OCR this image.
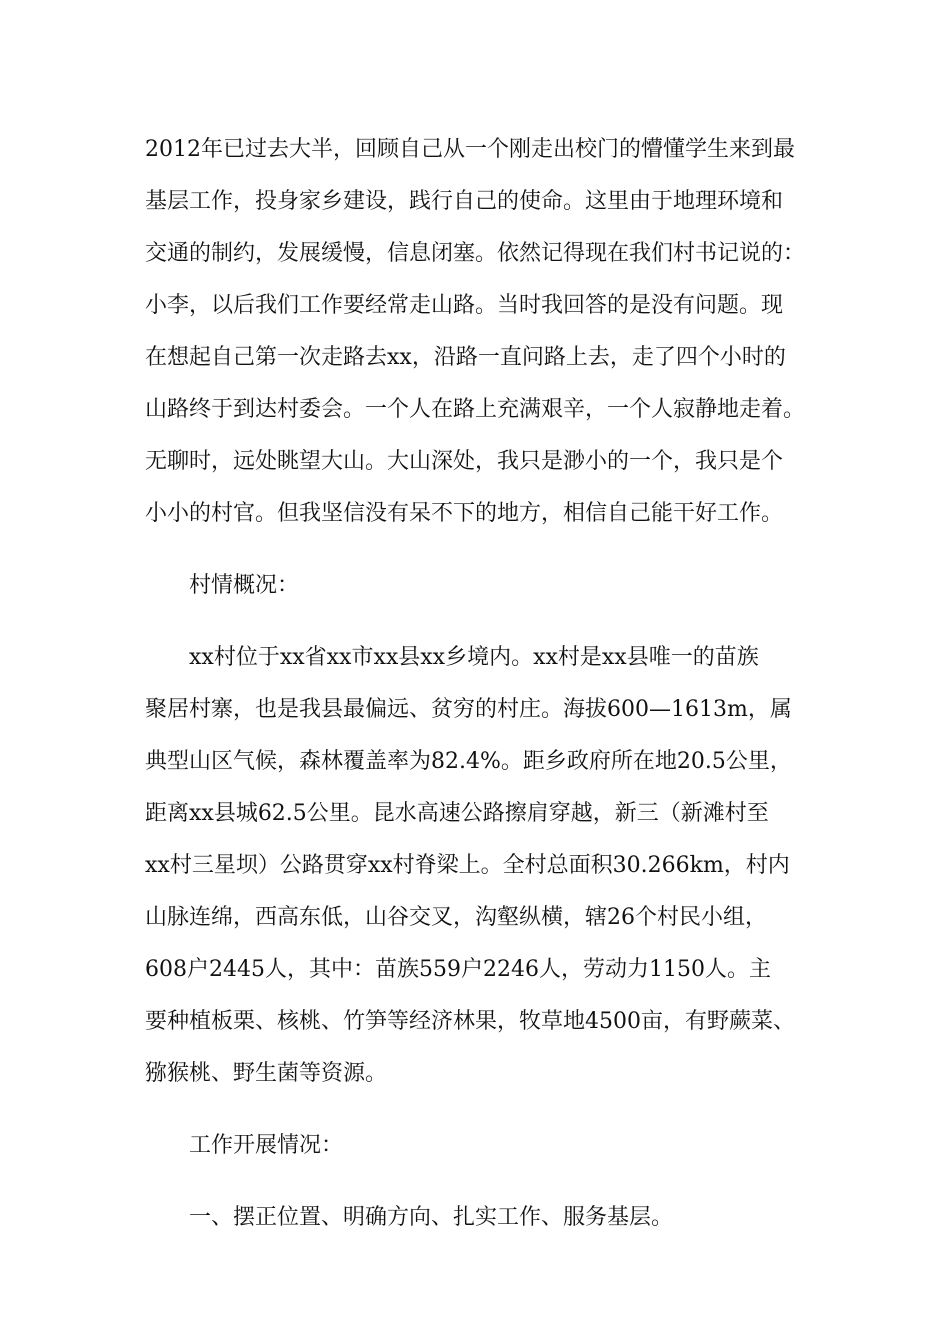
2012年已过去大半，回顾自己从一个刚走出校门的懵懂学生来到最
基层工作，投身家乡建设，践行自己的使命。这里由于地理环境和
交通的制约，发展缓慢，信息闭塞。依然记得现在我们村书记说的：
小李，以后我们工作要经常走山路。当时我回答的是没有问题。现
在想起自己第一次走路去xx，沿路一直问路上去，走了四个小时的
山路终于到达村委会。一个人在路上充满艰辛，一个人寂静地走着。
无聊时，远处眺望大山。大山深处，我只是渺小的一个，我只是个
小小的村官。但我坚信没有呆不下的地方，相信自己能干好工作。
村情概况：
xx村位于xx省xx市xx县xx乡境内。xx村是xx县唯一的苗族
聚居村寨，也是我县最偏远、贫穷的村庄。海拔600—1613m，属
典型山区气候，森林覆盖率为82.4%。距乡政府所在地20.5公里，
距离xx县城62.5公里。昆水高速公路擦肩穿越，新三（新滩村至
xx村三星坝）公路贯穿xx村脊梁上。全村总面积30.266km，村内
山脉连绵，西高东低，山谷交叉，沟壑纵横，辖26个村民小组，
608户2445人，其中：苗族559户2246人，劳动力1150人。主
要种植板栗、核桃、竹笋等经济林果，牧草地4500亩，有野蕨菜、
猕猴桃、野生菌等资源。
工作开展情况：
一、摆正位置、明确方向、扎实工作、服务基层。
